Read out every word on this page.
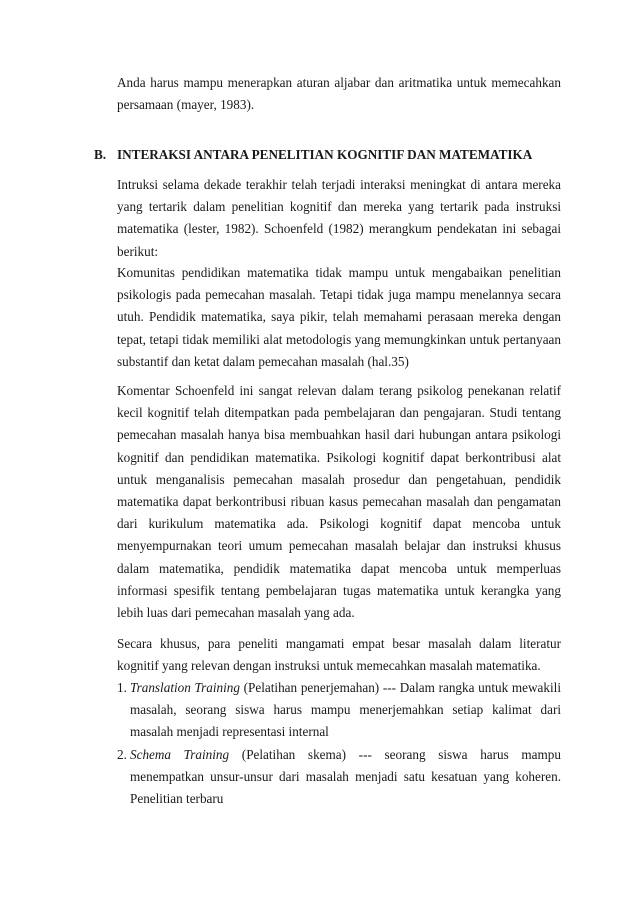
Anda harus mampu menerapkan aturan aljabar dan aritmatika untuk memecahkan persamaan (mayer, 1983).

B. INTERAKSI ANTARA PENELITIAN KOGNITIF DAN MATEMATIKA

Intruksi selama dekade terakhir telah terjadi interaksi meningkat di antara mereka yang tertarik dalam penelitian kognitif dan mereka yang tertarik pada instruksi matematika (lester, 1982). Schoenfeld (1982) merangkum pendekatan ini sebagai berikut:

Komunitas pendidikan matematika tidak mampu untuk mengabaikan penelitian psikologis pada pemecahan masalah. Tetapi tidak juga mampu menelannya secara utuh. Pendidik matematika, saya pikir, telah memahami perasaan mereka dengan tepat, tetapi tidak memiliki alat metodologis yang memungkinkan untuk pertanyaan substantif dan ketat dalam pemecahan masalah (hal.35)

Komentar Schoenfeld ini sangat relevan dalam terang psikolog penekanan relatif kecil kognitif telah ditempatkan pada pembelajaran dan pengajaran. Studi tentang pemecahan masalah hanya bisa membuahkan hasil dari hubungan antara psikologi kognitif dan pendidikan matematika. Psikologi kognitif dapat berkontribusi alat untuk menganalisis pemecahan masalah prosedur dan pengetahuan, pendidik matematika dapat berkontribusi ribuan kasus pemecahan masalah dan pengamatan dari kurikulum matematika ada. Psikologi kognitif dapat mencoba untuk menyempurnakan teori umum pemecahan masalah belajar dan instruksi khusus dalam matematika, pendidik matematika dapat mencoba untuk memperluas informasi spesifik tentang pembelajaran tugas matematika untuk kerangka yang lebih luas dari pemecahan masalah yang ada.

Secara khusus, para peneliti mangamati empat besar masalah dalam literatur kognitif yang relevan dengan instruksi untuk memecahkan masalah matematika.

1. Translation Training (Pelatihan penerjemahan) --- Dalam rangka untuk mewakili masalah, seorang siswa harus mampu menerjemahkan setiap kalimat dari masalah menjadi representasi internal
2. Schema Training (Pelatihan skema) --- seorang siswa harus mampu menempatkan unsur-unsur dari masalah menjadi satu kesatuan yang koheren. Penelitian terbaru
